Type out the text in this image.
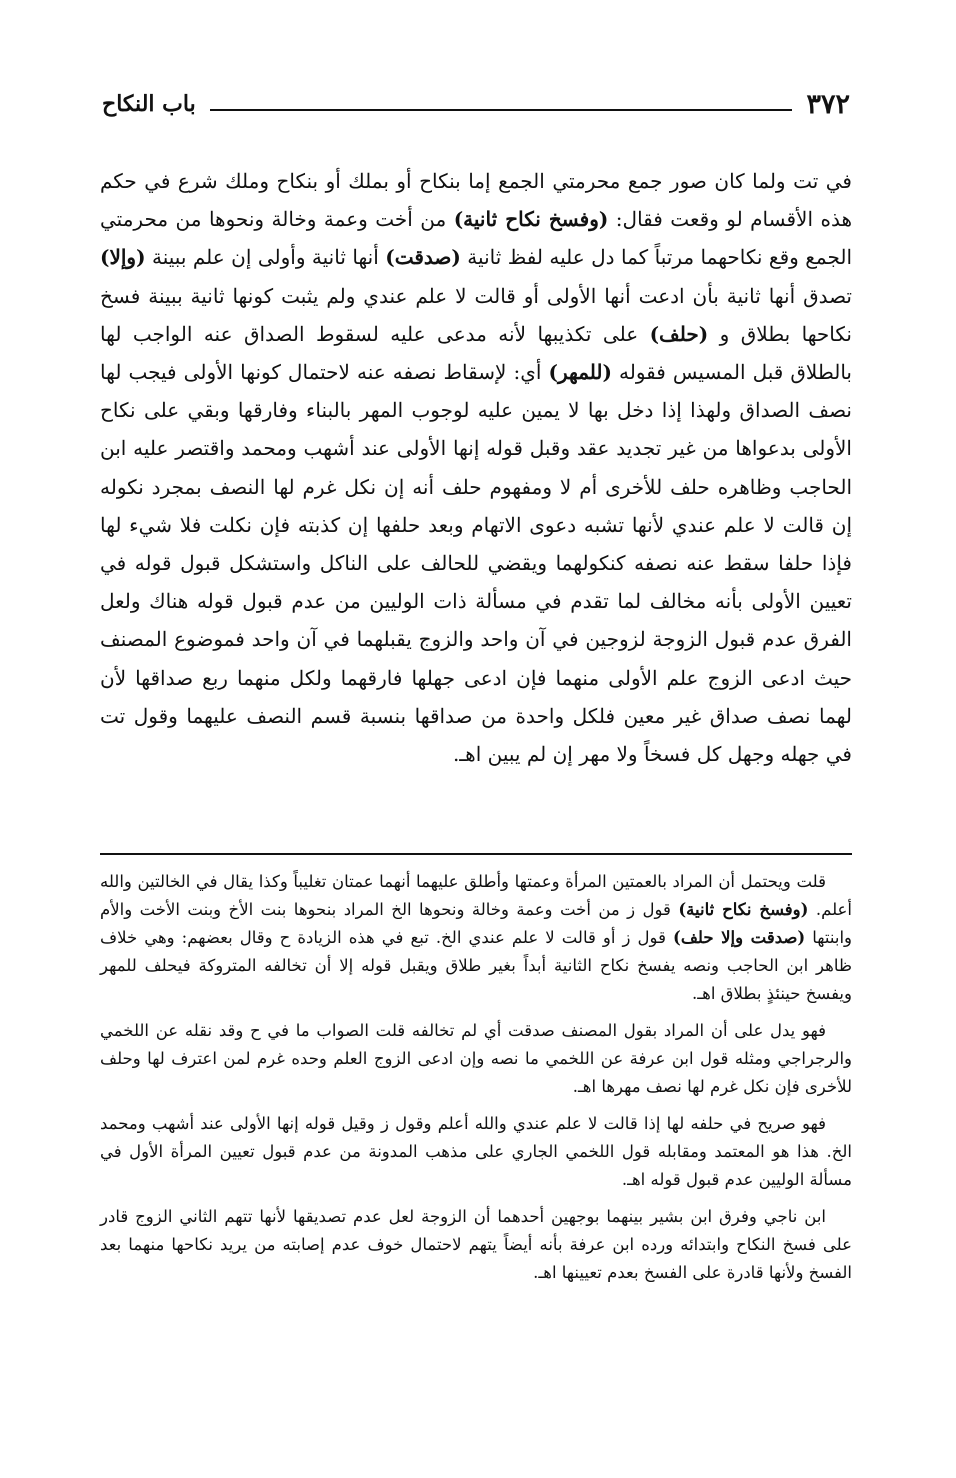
٣٧٢
باب النكاح

في تت ولما كان صور جمع محرمتي الجمع إما بنكاح أو بملك أو بنكاح وملك شرع في حكم هذه الأقسام لو وقعت فقال: (وفسخ نكاح ثانية) من أخت وعمة وخالة ونحوها من محرمتي الجمع وقع نكاحهما مرتباً كما دل عليه لفظ ثانية (صدقت) أنها ثانية وأولى إن علم ببينة (وإلا) تصدق أنها ثانية بأن ادعت أنها الأولى أو قالت لا علم عندي ولم يثبت كونها ثانية ببينة فسخ نكاحها بطلاق و (حلف) على تكذيبها لأنه مدعى عليه لسقوط الصداق عنه الواجب لها بالطلاق قبل المسيس فقوله (للمهر) أي: لإسقاط نصفه عنه لاحتمال كونها الأولى فيجب لها نصف الصداق ولهذا إذا دخل بها لا يمين عليه لوجوب المهر بالبناء وفارقها وبقي على نكاح الأولى بدعواها من غير تجديد عقد وقبل قوله إنها الأولى عند أشهب ومحمد واقتصر عليه ابن الحاجب وظاهره حلف للأخرى أم لا ومفهوم حلف أنه إن نكل غرم لها النصف بمجرد نكوله إن قالت لا علم عندي لأنها تشبه دعوى الاتهام وبعد حلفها إن كذبته فإن نكلت فلا شيء لها فإذا حلفا سقط عنه نصفه كنكولهما ويقضي للحالف على الناكل واستشكل قبول قوله في تعيين الأولى بأنه مخالف لما تقدم في مسألة ذات الوليين من عدم قبول قوله هناك ولعل الفرق عدم قبول الزوجة لزوجين في آن واحد والزوج يقبلهما في آن واحد فموضوع المصنف حيث ادعى الزوج علم الأولى منهما فإن ادعى جهلها فارقهما ولكل منهما ربع صداقها لأن لهما نصف صداق غير معين فلكل واحدة من صداقها بنسبة قسم النصف عليهما وقول تت في جهله وجهل كل فسخاً ولا مهر إن لم يبين اهـ.

قلت ويحتمل أن المراد بالعمتين المرأة وعمتها وأطلق عليهما أنهما عمتان تغليباً وكذا يقال في الخالتين والله أعلم. (وفسخ نكاح ثانية) قول ز من أخت وعمة وخالة ونحوها الخ المراد بنحوها بنت الأخ وبنت الأخت والأم وابنتها (صدقت وإلا حلف) قول ز أو قالت لا علم عندي الخ. تبع في هذه الزيادة ح وقال بعضهم: وهي خلاف ظاهر ابن الحاجب ونصه يفسخ نكاح الثانية أبداً بغير طلاق ويقبل قوله إلا أن تخالفه المتروكة فيحلف للمهر ويفسخ حينئذٍ بطلاق اهـ.

فهو يدل على أن المراد بقول المصنف صدقت أي لم تخالفه قلت الصواب ما في ح وقد نقله عن اللخمي والرجراجي ومثله قول ابن عرفة عن اللخمي ما نصه وإن ادعى الزوج العلم وحده غرم لمن اعترف لها وحلف للأخرى فإن نكل غرم لها نصف مهرها اهـ.

فهو صريح في حلفه لها إذا قالت لا علم عندي والله أعلم وقول ز وقيل قوله إنها الأولى عند أشهب ومحمد الخ. هذا هو المعتمد ومقابله قول اللخمي الجاري على مذهب المدونة من عدم قبول تعيين المرأة الأول في مسألة الوليين عدم قبول قوله اهـ.

ابن ناجي وفرق ابن بشير بينهما بوجهين أحدهما أن الزوجة لعل عدم تصديقها لأنها تتهم الثاني الزوج قادر على فسخ النكاح وابتدائه ورده ابن عرفة بأنه أيضاً يتهم لاحتمال خوف عدم إصابته من يريد نكاحها منهما بعد الفسخ ولأنها قادرة على الفسخ بعدم تعيينها اهـ.
